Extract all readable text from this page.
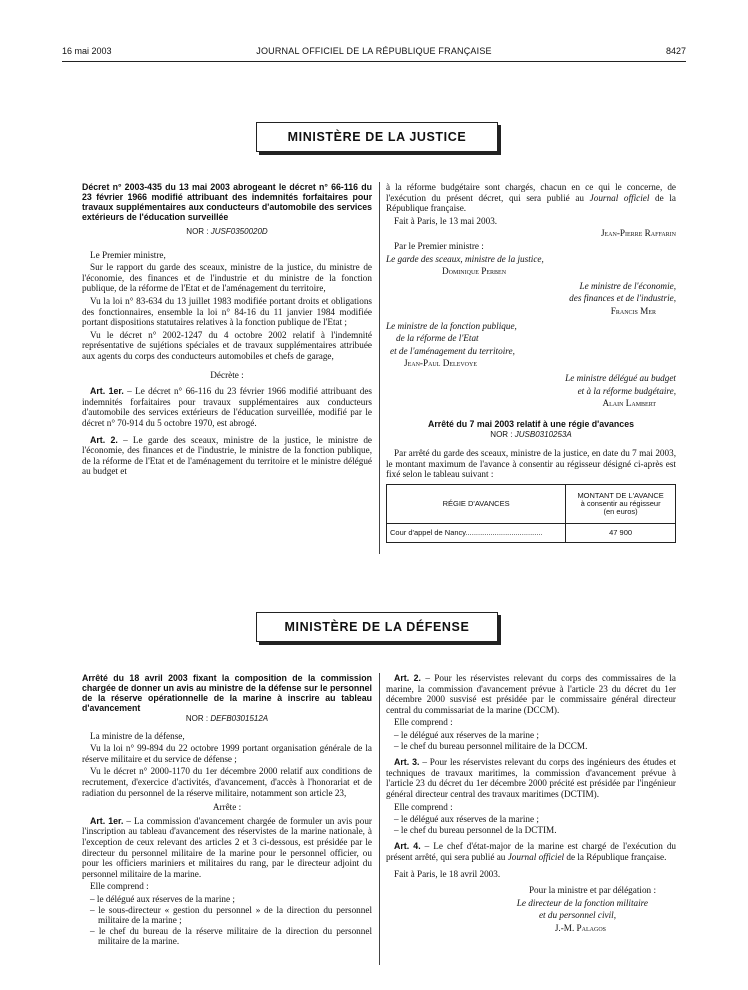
16 mai 2003	JOURNAL OFFICIEL DE LA RÉPUBLIQUE FRANÇAISE	8427
MINISTÈRE DE LA JUSTICE

Décret n° 2003-435 du 13 mai 2003 abrogeant le décret n° 66-116 du 23 février 1966 modifié attribuant des indemnités forfaitaires pour travaux supplémentaires aux conducteurs d'automobile des services extérieurs de l'éducation surveillée

NOR : JUSF0350020D

Le Premier ministre,

Sur le rapport du garde des sceaux, ministre de la justice, du ministre de l'économie, des finances et de l'industrie et du ministre de la fonction publique, de la réforme de l'Etat et de l'aménagement du territoire,

Vu la loi n° 83-634 du 13 juillet 1983 modifiée portant droits et obligations des fonctionnaires, ensemble la loi n° 84-16 du 11 janvier 1984 modifiée portant dispositions statutaires relatives à la fonction publique de l'Etat ;

Vu le décret n° 2002-1247 du 4 octobre 2002 relatif à l'indemnité représentative de sujétions spéciales et de travaux supplémentaires attribuée aux agents du corps des conducteurs automobiles et chefs de garage,

Décrète :

Art. 1er. – Le décret n° 66-116 du 23 février 1966 modifié attribuant des indemnités forfaitaires pour travaux supplémentaires aux conducteurs d'automobile des services extérieurs de l'éducation surveillée, modifié par le décret n° 70-914 du 5 octobre 1970, est abrogé.

Art. 2. – Le garde des sceaux, ministre de la justice, le ministre de l'économie, des finances et de l'industrie, le ministre de la fonction publique, de la réforme de l'Etat et de l'aménagement du territoire et le ministre délégué au budget et

à la réforme budgétaire sont chargés, chacun en ce qui le concerne, de l'exécution du présent décret, qui sera publié au Journal officiel de la République française.

Fait à Paris, le 13 mai 2003.

Jean-Pierre Raffarin

Par le Premier ministre :

Le garde des sceaux, ministre de la justice,

Dominique Perben

Le ministre de l'économie,

des finances et de l'industrie,

Francis Mer

Le ministre de la fonction publique,

de la réforme de l'Etat

et de l'aménagement du territoire,

Jean-Paul Delevoye

Le ministre délégué au budget

et à la réforme budgétaire,

Alain Lambert

Arrêté du 7 mai 2003 relatif à une régie d'avances

NOR : JUSB0310253A

Par arrêté du garde des sceaux, ministre de la justice, en date du 7 mai 2003, le montant maximum de l'avance à consentir au régisseur désigné ci-après est fixé selon le tableau suivant :

RÉGIE D'AVANCES	MONTANT DE L'AVANCE
à consentir au régisseur
(en euros)

Cour d'appel de Nancy.....................................	47 900
MINISTÈRE DE LA DÉFENSE

Arrêté du 18 avril 2003 fixant la composition de la commission chargée de donner un avis au ministre de la défense sur le personnel de la réserve opérationnelle de la marine à inscrire au tableau d'avancement

NOR : DEFB0301512A

La ministre de la défense,

Vu la loi n° 99-894 du 22 octobre 1999 portant organisation générale de la réserve militaire et du service de défense ;

Vu le décret n° 2000-1170 du 1er décembre 2000 relatif aux conditions de recrutement, d'exercice d'activités, d'avancement, d'accès à l'honorariat et de radiation du personnel de la réserve militaire, notamment son article 23,

Arrête :

Art. 1er. – La commission d'avancement chargée de formuler un avis pour l'inscription au tableau d'avancement des réservistes de la marine nationale, à l'exception de ceux relevant des articles 2 et 3 ci-dessous, est présidée par le directeur du personnel militaire de la marine pour le personnel officier, ou pour les officiers mariniers et militaires du rang, par le directeur adjoint du personnel militaire de la marine.

Elle comprend :

– le délégué aux réserves de la marine ;
– le sous-directeur « gestion du personnel » de la direction du personnel militaire de la marine ;
– le chef du bureau de la réserve militaire de la direction du personnel militaire de la marine.

Art. 2. – Pour les réservistes relevant du corps des commissaires de la marine, la commission d'avancement prévue à l'article 23 du décret du 1er décembre 2000 susvisé est présidée par le commissaire général directeur central du commissariat de la marine (DCCM).

Elle comprend :

– le délégué aux réserves de la marine ;
– le chef du bureau personnel militaire de la DCCM.

Art. 3. – Pour les réservistes relevant du corps des ingénieurs des études et techniques de travaux maritimes, la commission d'avancement prévue à l'article 23 du décret du 1er décembre 2000 précité est présidée par l'ingénieur général directeur central des travaux maritimes (DCTIM).

Elle comprend :

– le délégué aux réserves de la marine ;
– le chef du bureau personnel de la DCTIM.

Art. 4. – Le chef d'état-major de la marine est chargé de l'exécution du présent arrêté, qui sera publié au Journal officiel de la République française.

Fait à Paris, le 18 avril 2003.

Pour la ministre et par délégation :

Le directeur de la fonction militaire

et du personnel civil,

J.-M. Palagos
